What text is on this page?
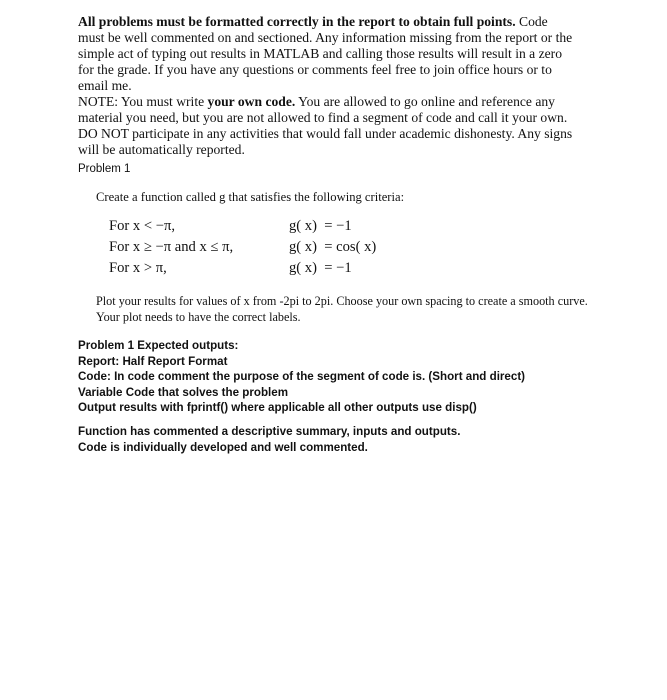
All problems must be formatted correctly in the report to obtain full points. Code must be well commented on and sectioned. Any information missing from the report or the simple act of typing out results in MATLAB and calling those results will result in a zero for the grade. If you have any questions or comments feel free to join office hours or to email me.

NOTE: You must write your own code. You are allowed to go online and reference any material you need, but you are not allowed to find a segment of code and call it your own. DO NOT participate in any activities that would fall under academic dishonesty. Any signs will be automatically reported.

Problem 1
Create a function called g that satisfies the following criteria:
For x < −π,	g( x)  = −1
For x ≥ −π and x ≤ π,	g( x)  = cos( x)
For x > π,	g( x)  = −1
Plot your results for values of x from -2pi to 2pi. Choose your own spacing to create a smooth curve. Your plot needs to have the correct labels.
Problem 1 Expected outputs:
Report: Half Report Format
Code: In code comment the purpose of the segment of code is. (Short and direct)
Variable Code that solves the problem
Output results with fprintf() where applicable all other outputs use disp()
Function has commented a descriptive summary, inputs and outputs.
Code is individually developed and well commented.
